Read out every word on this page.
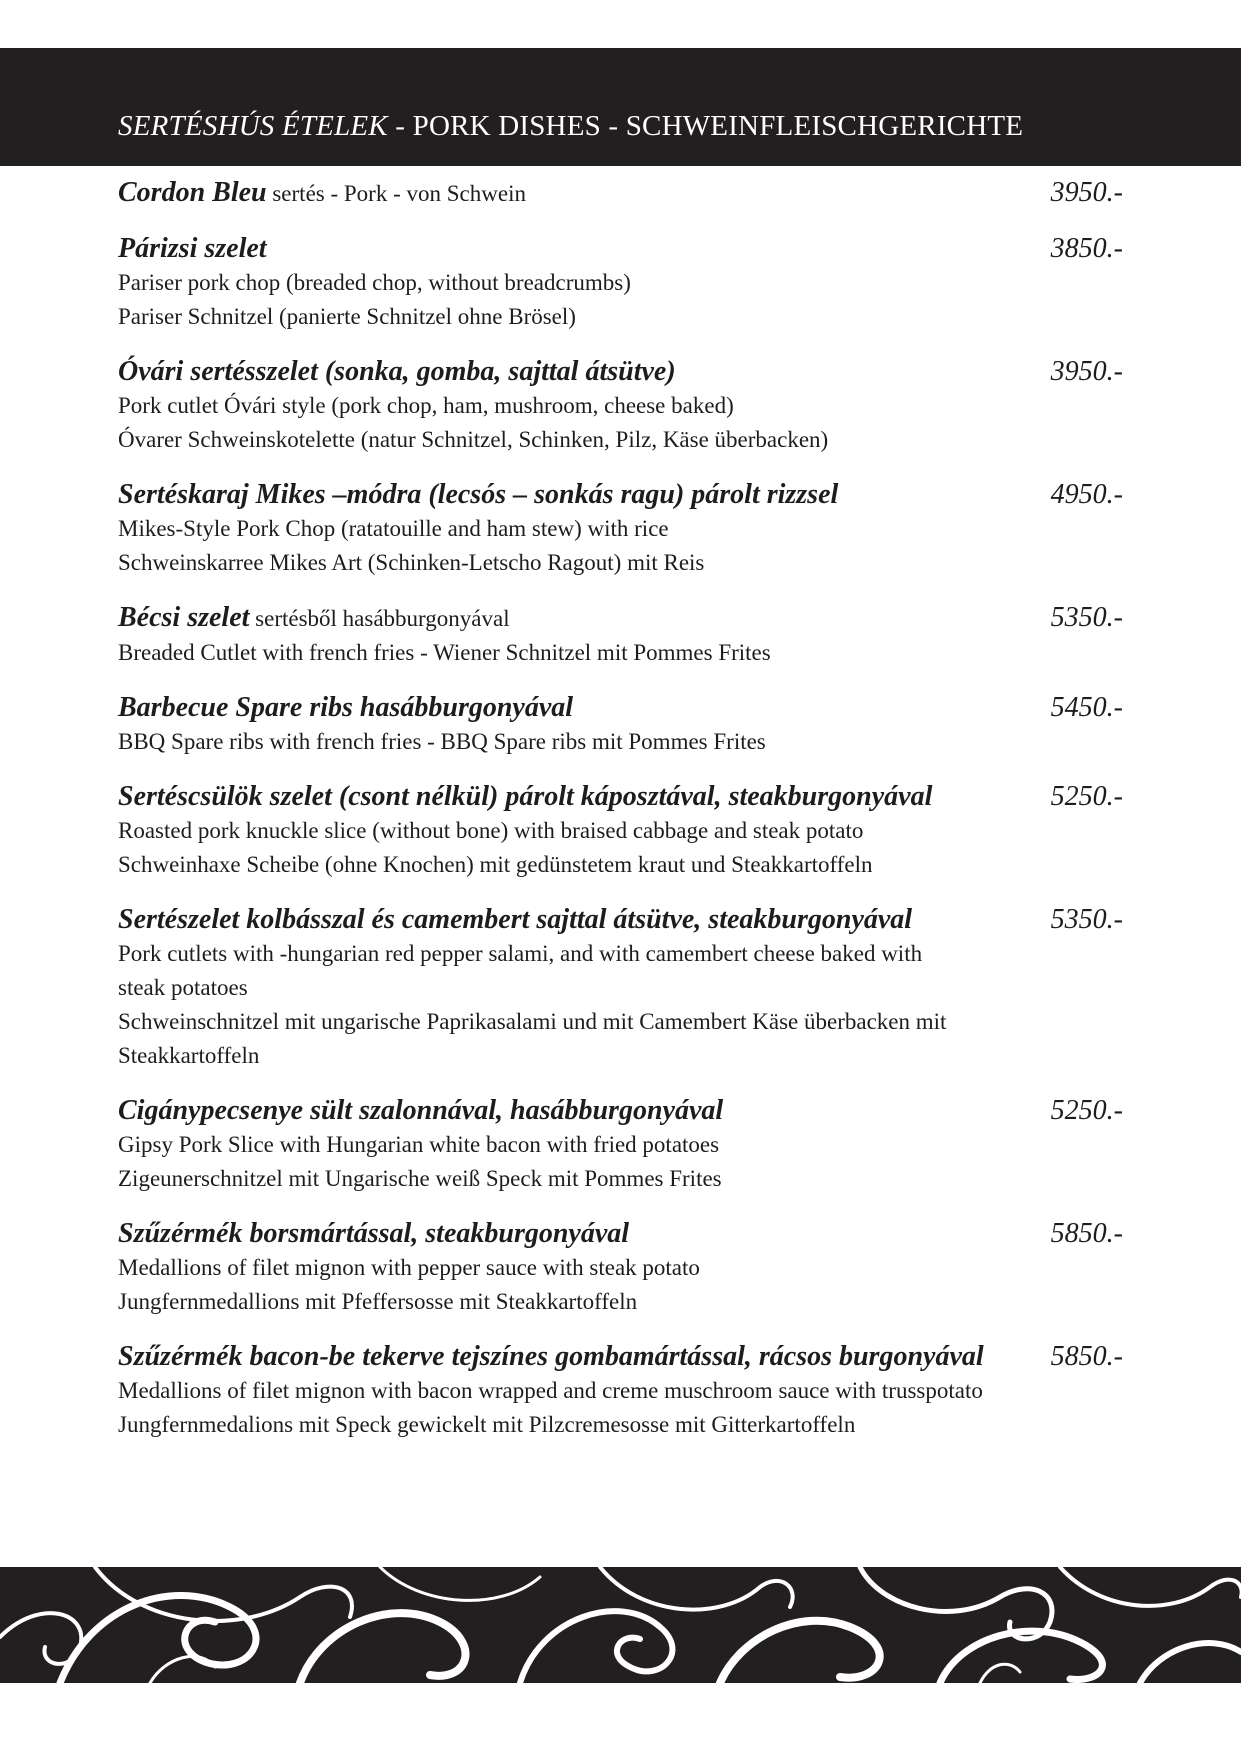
SERTÉSHÚS ÉTELEK - PORK DISHES - SCHWEINFLEISCHGERICHTE
Cordon Bleu sertés - Pork - von Schwein	3950.-
Párizsi szelet	3850.-
Pariser pork chop (breaded chop, without breadcrumbs)
Pariser Schnitzel (panierte Schnitzel ohne Brösel)
Óvári sertésszelet (sonka, gomba, sajttal átsütve)	3950.-
Pork cutlet Óvári style (pork chop, ham, mushroom, cheese baked)
Óvarer Schweinskotelette (natur Schnitzel, Schinken, Pilz, Käse überbacken)
Sertéskaraj Mikes –módra (lecsós – sonkás ragu) párolt rizzsel	4950.-
Mikes-Style Pork Chop (ratatouille and ham stew) with rice
Schweinskarree Mikes Art (Schinken-Letscho Ragout) mit Reis
Bécsi szelet sertésből hasábburgonyával	5350.-
Breaded Cutlet with french fries - Wiener Schnitzel mit Pommes Frites
Barbecue Spare ribs hasábburgonyával	5450.-
BBQ Spare ribs with french fries - BBQ Spare ribs mit Pommes Frites
Sertéscsülök szelet (csont nélkül) párolt káposztával, steakburgonyával	5250.-
Roasted pork knuckle slice (without bone) with braised cabbage and steak potato
Schweinhaxe Scheibe (ohne Knochen) mit gedünstetem kraut und Steakkartoffeln
Sertészelet kolbásszal és camembert sajttal átsütve, steakburgonyával	5350.-
Pork cutlets with -hungarian red pepper salami, and with camembert cheese baked with
steak potatoes
Schweinschnitzel mit ungarische Paprikasalami und mit Camembert Käse überbacken mit
Steakkartoffeln
Cigánypecsenye sült szalonnával, hasábburgonyával	5250.-
Gipsy Pork Slice with Hungarian white bacon with fried potatoes
Zigeunerschnitzel mit Ungarische weiß Speck mit Pommes Frites
Szűzérmék borsmártással, steakburgonyával	5850.-
Medallions of filet mignon with pepper sauce with steak potato
Jungfernmedallions mit Pfeffersosse mit Steakkartoffeln
Szűzérmék bacon-be tekerve tejszínes gombamártással, rácsos burgonyával 5850.-
Medallions of filet mignon with bacon wrapped and creme muschroom sauce with trusspotato
Jungfernmedalions mit Speck gewickelt mit Pilzcremesosse mit Gitterkartoffeln
